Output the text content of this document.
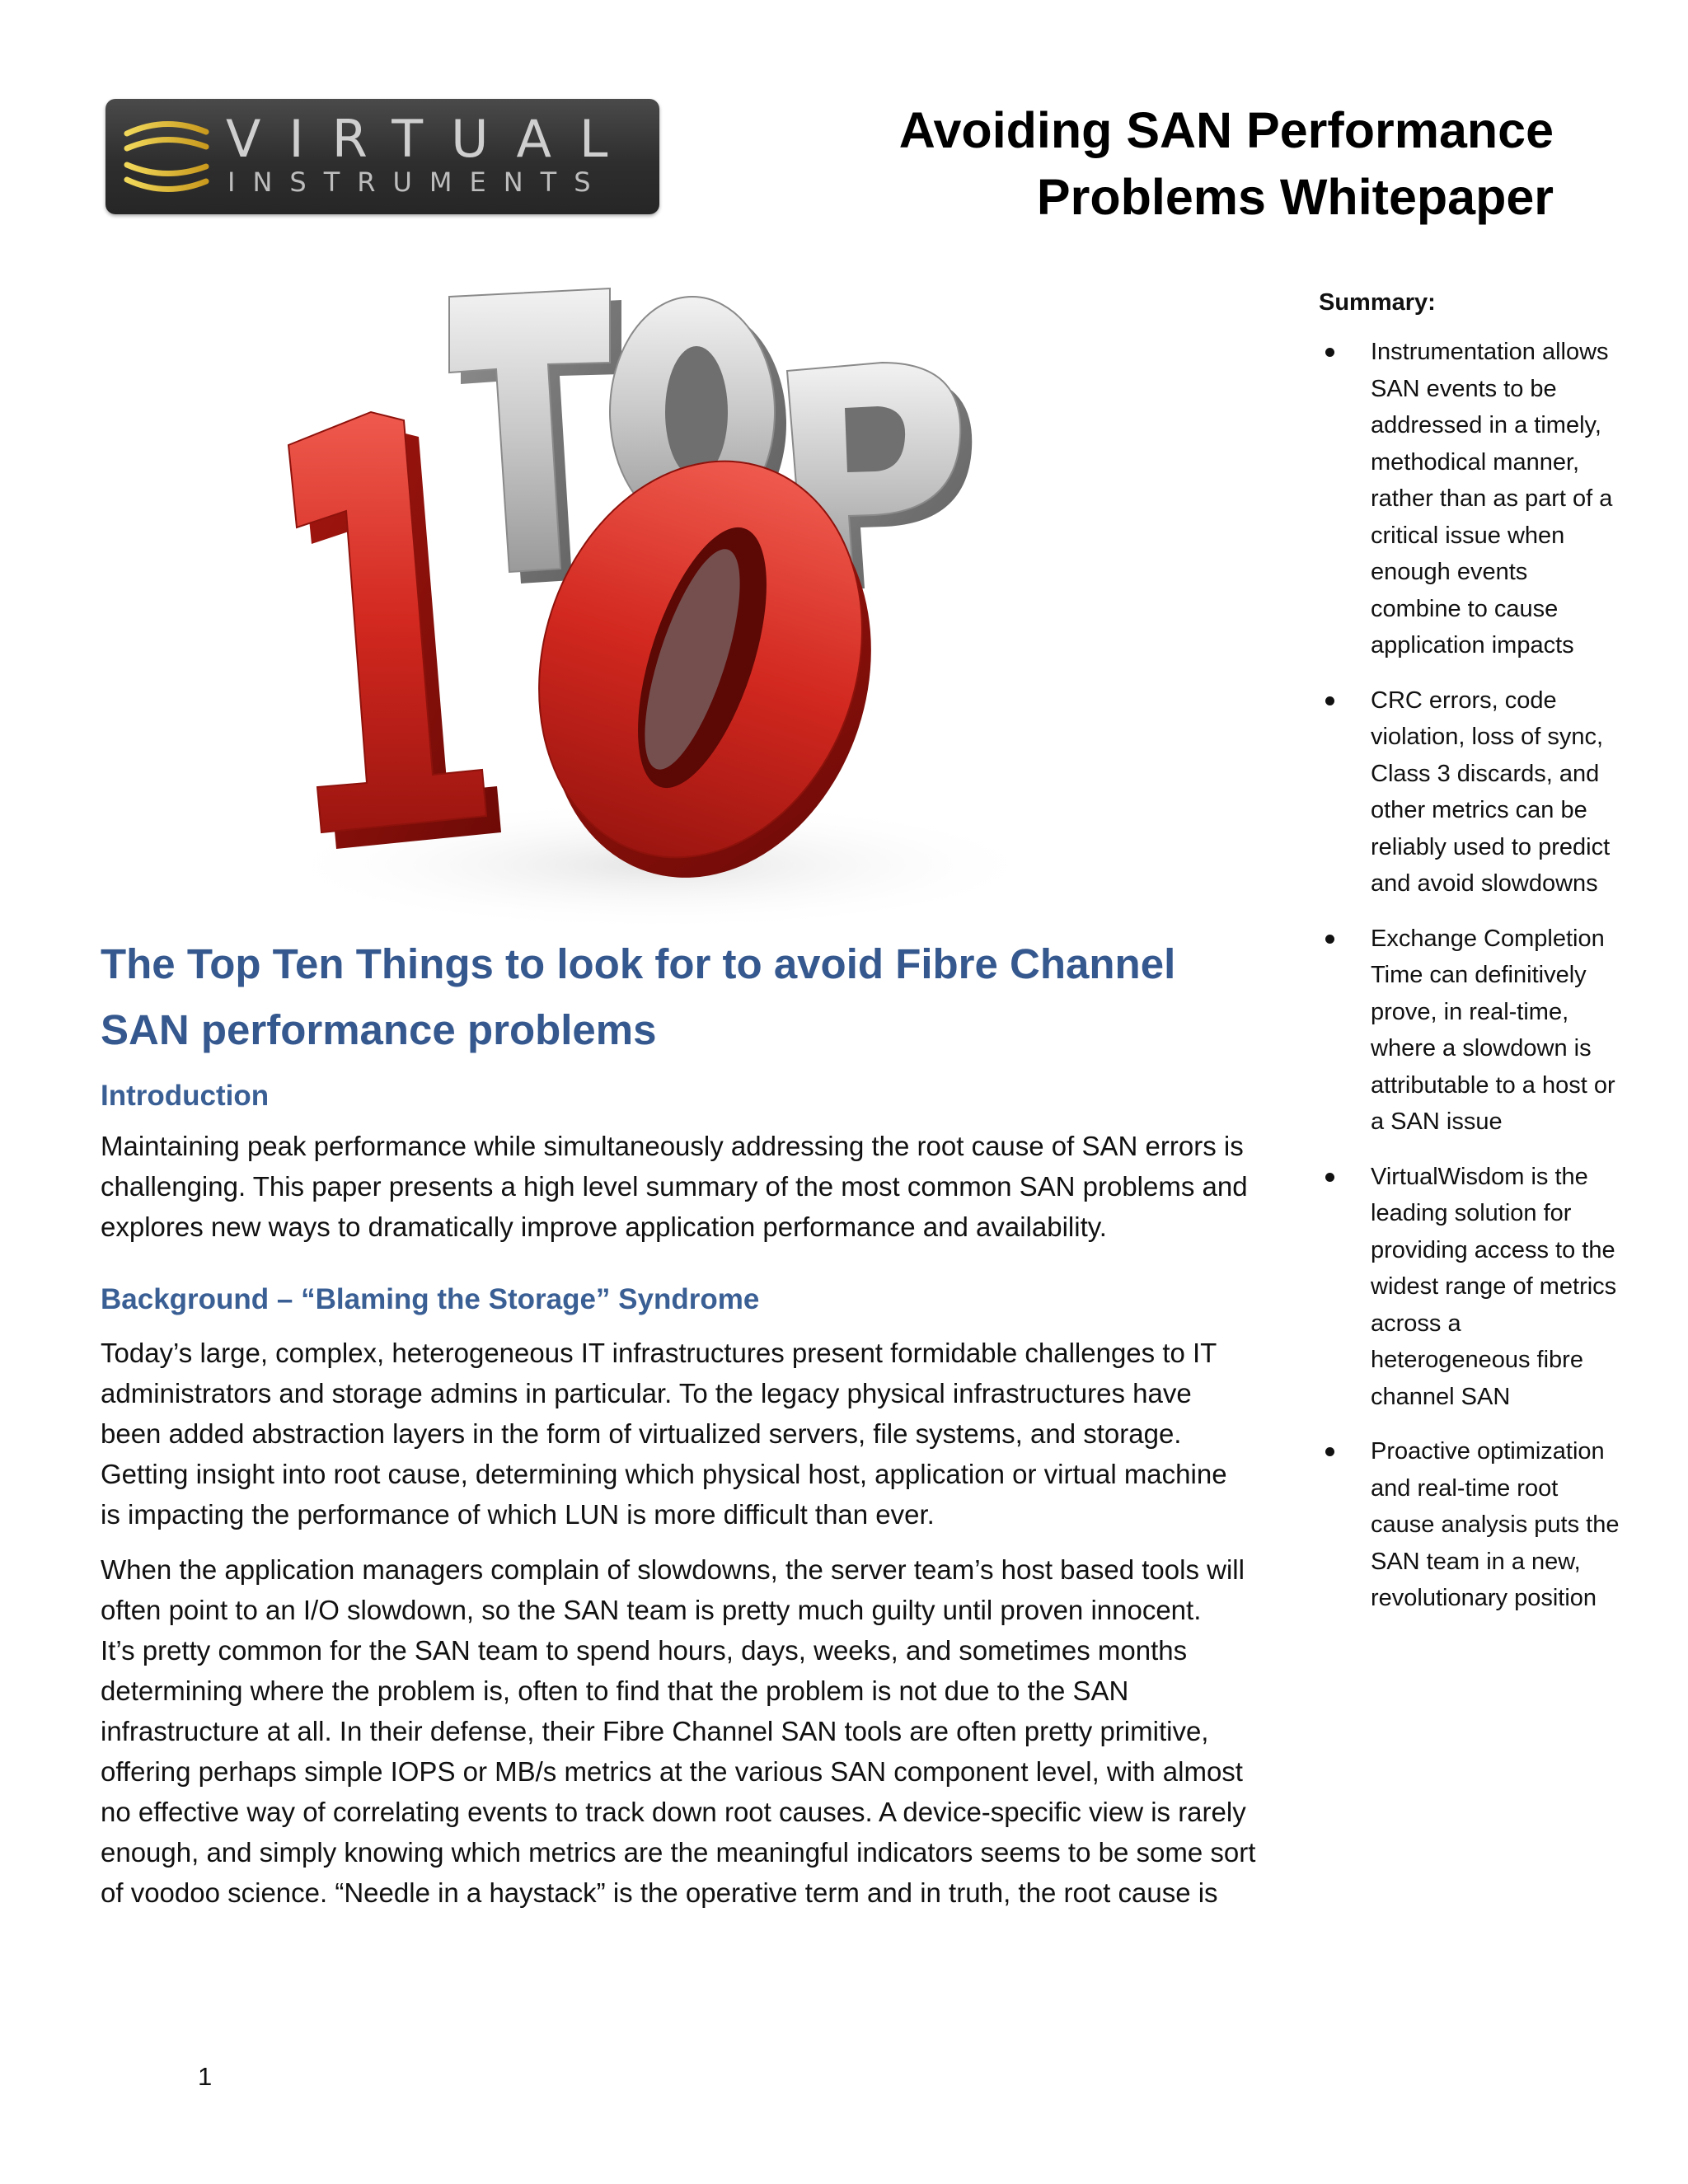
VIRTUAL
INSTRUMENTS
Avoiding SAN Performance
Problems Whitepaper
Summary:
Instrumentation allows SAN events to be addressed in a timely, methodical manner, rather than as part of a critical issue when enough events combine to cause application impacts
CRC errors, code violation, loss of sync, Class 3 discards, and other metrics can be reliably used to predict and avoid slowdowns
Exchange Completion Time can definitively prove, in real-time, where a slowdown is attributable to a host or a SAN issue
VirtualWisdom is the leading solution for providing access to the widest range of metrics across a heterogeneous fibre channel SAN
Proactive optimization and real-time root cause analysis puts the SAN team in a new, revolutionary position
The Top Ten Things to look for to avoid Fibre Channel
SAN performance problems
Introduction

Maintaining peak performance while simultaneously addressing the root cause of SAN errors is
challenging. This paper presents a high level summary of the most common SAN problems and
explores new ways to dramatically improve application performance and availability.

Background – “Blaming the Storage” Syndrome

Today’s large, complex, heterogeneous IT infrastructures present formidable challenges to IT
administrators and storage admins in particular. To the legacy physical infrastructures have
been added abstraction layers in the form of virtualized servers, file systems, and storage.
Getting insight into root cause, determining which physical host, application or virtual machine
is impacting the performance of which LUN is more difficult than ever.

When the application managers complain of slowdowns, the server team’s host based tools will
often point to an I/O slowdown, so the SAN team is pretty much guilty until proven innocent.
It’s pretty common for the SAN team to spend hours, days, weeks, and sometimes months
determining where the problem is, often to find that the problem is not due to the SAN
infrastructure at all. In their defense, their Fibre Channel SAN tools are often pretty primitive,
offering perhaps simple IOPS or MB/s metrics at the various SAN component level, with almost
no effective way of correlating events to track down root causes. A device-specific view is rarely
enough, and simply knowing which metrics are the meaningful indicators seems to be some sort
of voodoo science. “Needle in a haystack” is the operative term and in truth, the root cause is

1
